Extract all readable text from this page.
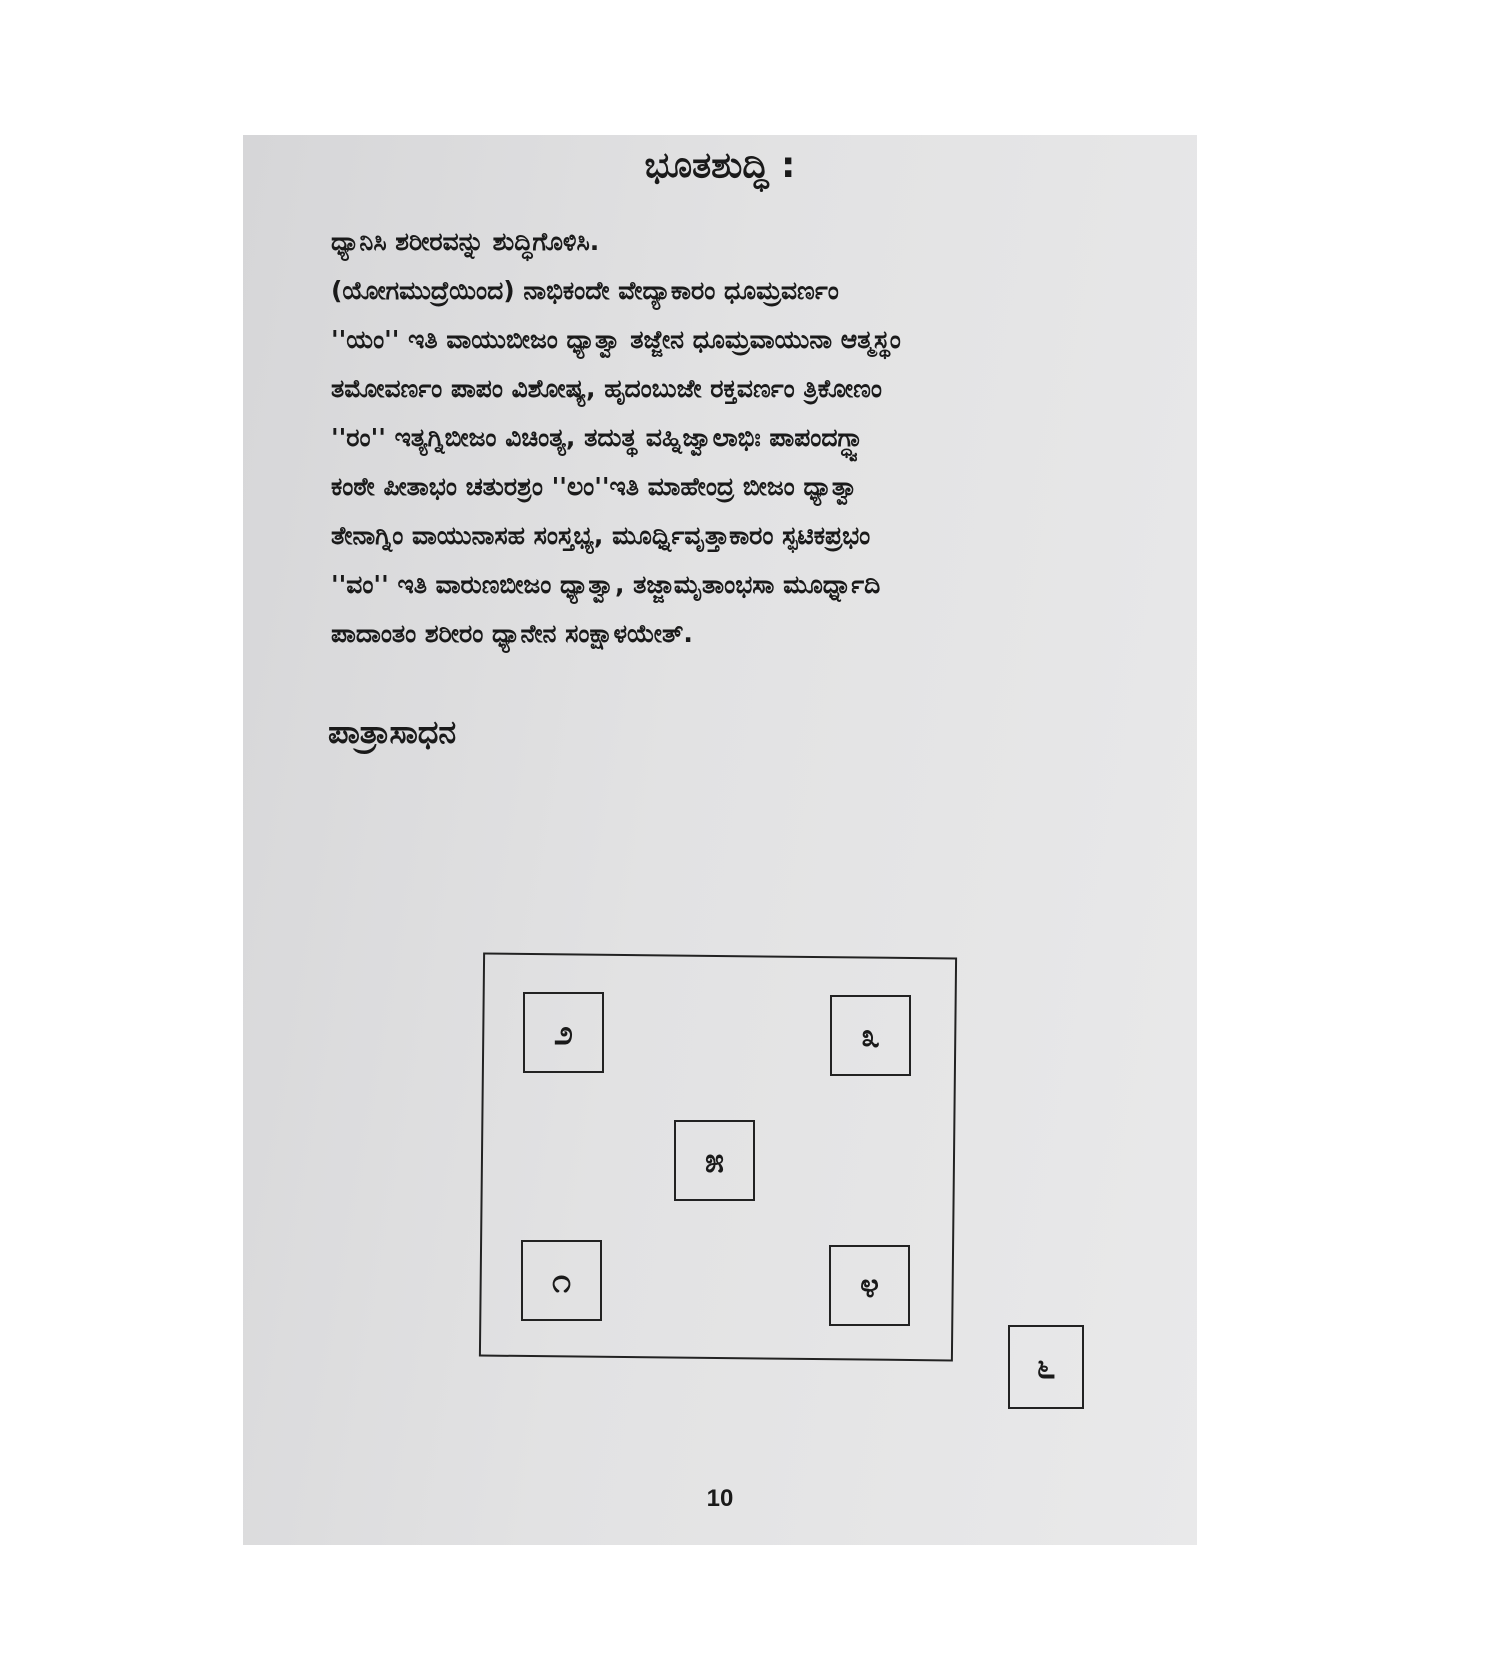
ಭೂತಶುದ್ಧಿ :
ಧ್ಯಾನಿಸಿ ಶರೀರವನ್ನು ಶುದ್ಧಿಗೊಳಿಸಿ.
(ಯೋಗಮುದ್ರೆಯಿಂದ) ನಾಭಿಕಂದೇ ವೇದ್ಯಾಕಾರಂ ಧೂಮ್ರವರ್ಣಂ
''ಯಂ'' ಇತಿ ವಾಯುಬೀಜಂ ಧ್ಯಾತ್ವಾ ತಜ್ಜೇನ ಧೂಮ್ರವಾಯುನಾ ಆತ್ಮಸ್ಥಂ
ತಮೋವರ್ಣಂ ಪಾಪಂ ವಿಶೋಷ್ಯ, ಹೃದಂಬುಜೇ ರಕ್ತವರ್ಣಂ ತ್ರಿಕೋಣಂ
''ರಂ'' ಇತ್ಯಗ್ನಿಬೀಜಂ ವಿಚಿಂತ್ಯ, ತದುತ್ಥ ವಹ್ನಿಜ್ವಾಲಾಭಿಃ ಪಾಪಂದಗ್ಧ್ವಾ
ಕಂಠೇ ಪೀತಾಭಂ ಚತುರಶ್ರಂ ''ಲಂ''ಇತಿ ಮಾಹೇಂದ್ರ ಬೀಜಂ ಧ್ಯಾತ್ವಾ
ತೇನಾಗ್ನಿಂ ವಾಯುನಾಸಹ ಸಂಸ್ತಭ್ಯ, ಮೂರ್ಧ್ನಿವೃತ್ತಾಕಾರಂ ಸ್ಫಟಿಕಪ್ರಭಂ
''ವಂ'' ಇತಿ ವಾರುಣಬೀಜಂ ಧ್ಯಾತ್ವಾ, ತಜ್ಜಾಮೃತಾಂಭಸಾ ಮೂರ್ಧ್ನಾದಿ
ಪಾದಾಂತಂ ಶರೀರಂ ಧ್ಯಾನೇನ ಸಂಕ್ಷಾಳಯೇತ್.
ಪಾತ್ರಾಸಾಧನ
೨	೩
೫
೧	೪
೬
10
